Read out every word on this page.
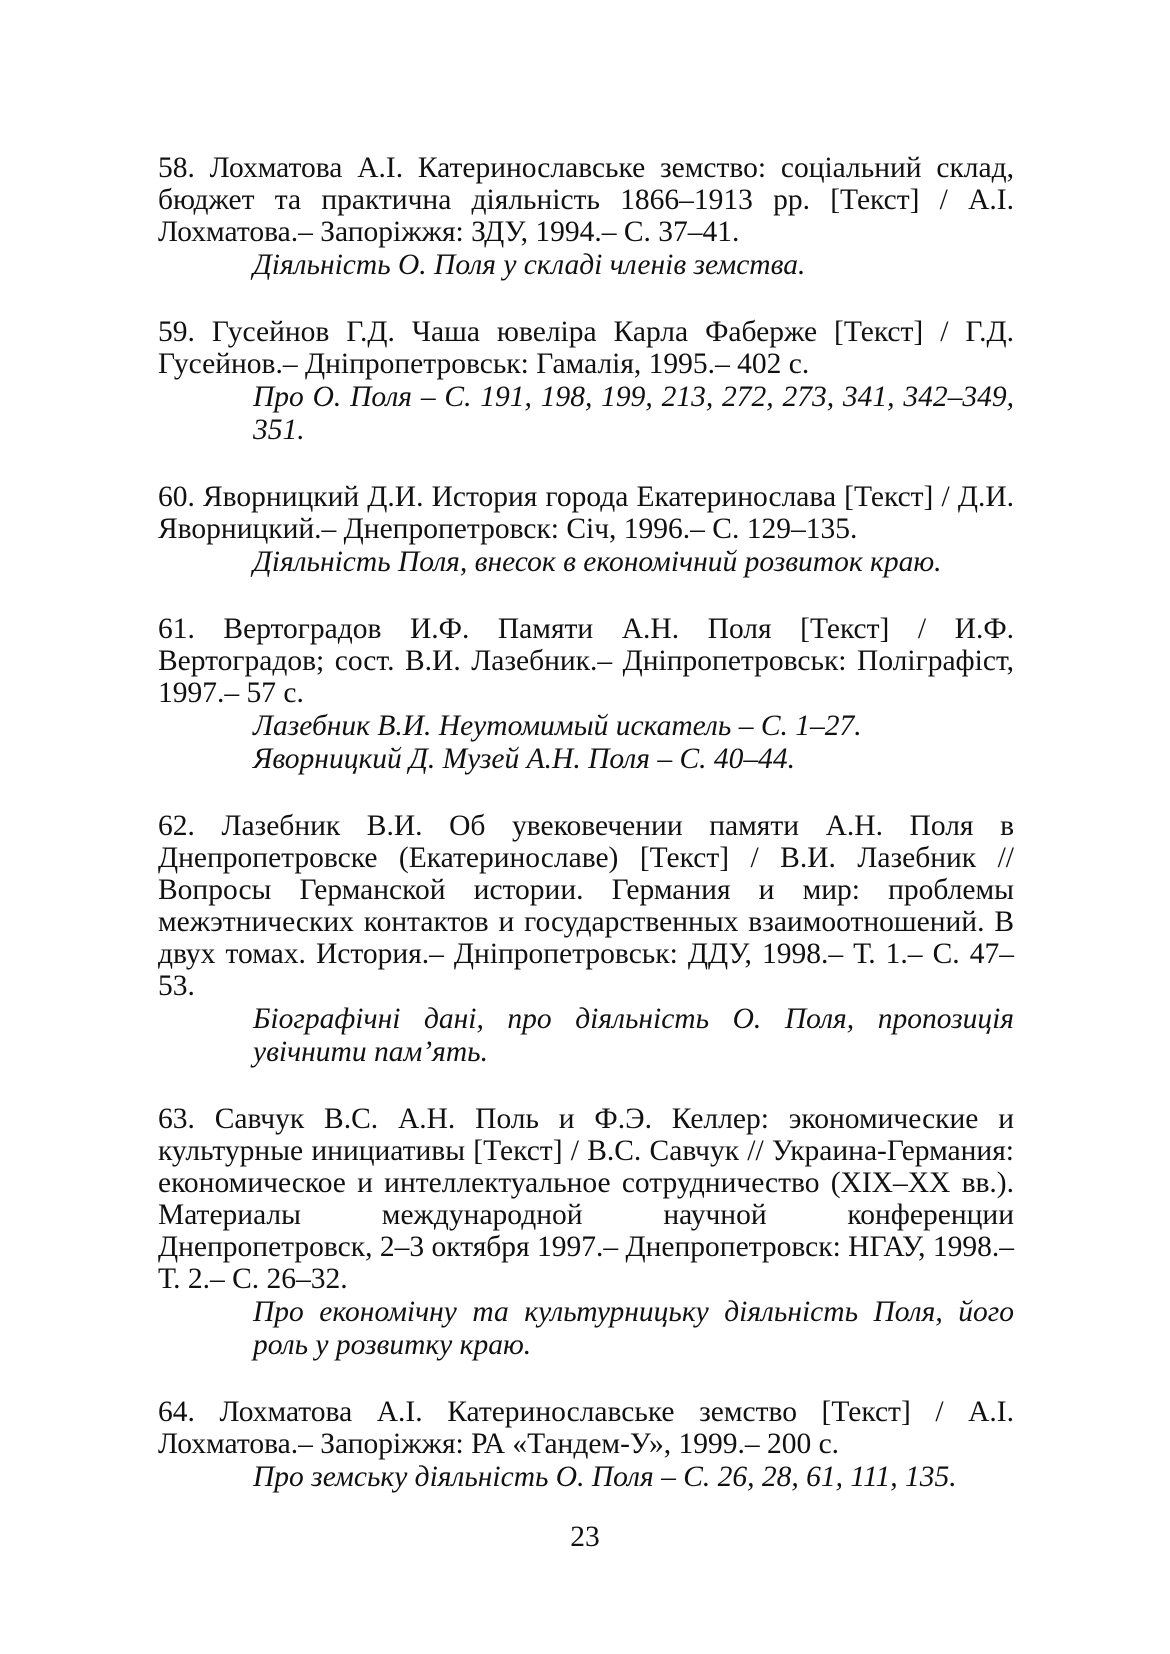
58. Лохматова А.І. Катеринославське земство: соціальний склад, бюджет та практична діяльність 1866–1913 рр. [Текст] / А.І. Лохматова.– Запоріжжя: ЗДУ, 1994.– С. 37–41.

Діяльність О. Поля у складі членів земства.

59. Гусейнов Г.Д. Чаша ювеліра Карла Фаберже [Текст] / Г.Д. Гусейнов.– Дніпропетровськ: Гамалія, 1995.– 402 с.

Про О. Поля – С. 191, 198, 199, 213, 272, 273, 341, 342–349, 351.

60. Яворницкий Д.И. История города Екатеринослава [Текст] / Д.И. Яворницкий.– Днепропетровск: Січ, 1996.– С. 129–135.

Діяльність Поля, внесок в економічний розвиток краю.

61. Вертоградов И.Ф. Памяти А.Н. Поля [Текст] / И.Ф. Вертоградов; сост. В.И. Лазебник.– Дніпропетровськ: Поліграфіст, 1997.– 57 с.

Лазебник В.И. Неутомимый искатель – С. 1–27.
Яворницкий Д. Музей А.Н. Поля – С. 40–44.

62. Лазебник В.И. Об увековечении памяти А.Н. Поля в Днепропетровске (Екатеринославе) [Текст] / В.И. Лазебник // Вопросы Германской истории. Германия и мир: проблемы межэтнических контактов и государственных взаимоотношений. В двух томах. История.– Дніпропетровськ: ДДУ, 1998.– Т. 1.– С. 47–53.

Біографічні дані, про діяльність О. Поля, пропозиція увічнити пам’ять.

63. Савчук В.С. А.Н. Поль и Ф.Э. Келлер: экономические и культурные инициативы [Текст] / В.С. Савчук // Украина-Германия: економическое и интеллектуальное сотрудничество (XIX–XX вв.). Материалы международной научной конференции Днепропетровск, 2–3 октября 1997.– Днепропетровск: НГАУ, 1998.– Т. 2.– С. 26–32.

Про економічну та культурницьку діяльність Поля, його роль у розвитку краю.

64. Лохматова А.І. Катеринославське земство [Текст] / А.І. Лохматова.– Запоріжжя: РА «Тандем-У», 1999.– 200 с.

Про земську діяльність О. Поля – С. 26, 28, 61, 111, 135.
23
